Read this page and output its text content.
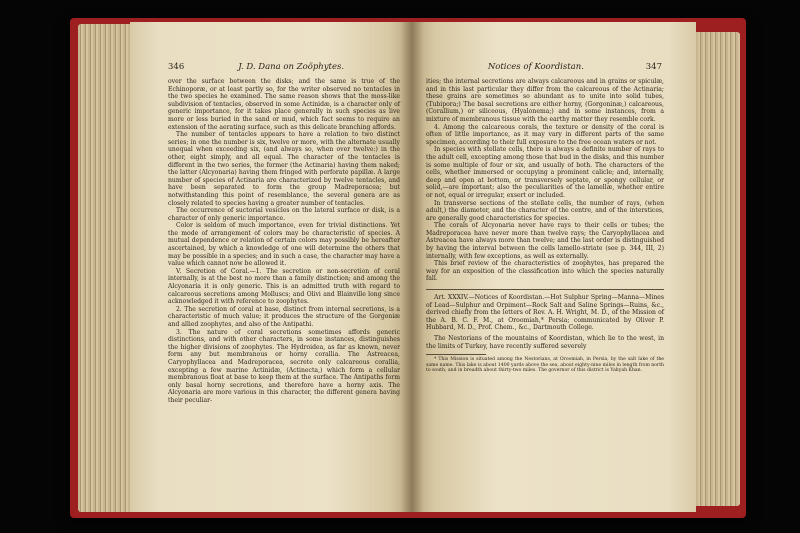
346	J. D. Dana on Zoöphytes.

over the surface between the disks; and the same is true of the Echinoporæ, or at least partly so, for the writer observed no tentacles in the two species he examined. The same reason shows that the moss-like subdivision of tentacles, observed in some Actinidæ, is a character only of generic importance, for it takes place generally in such species as live more or less buried in the sand or mud, which fact seems to require an extension of the aerating surface, such as this delicate branching affords.

The number of tentacles appears to have a relation to two distinct series; in one the number is six, twelve or more, with the alternate usually unequal when exceeding six, (and always so, when over twelve:) in the other, eight simply, and all equal. The character of the tentacles is different in the two series, the former (the Actinaria) having them naked; the latter (Alcyonaria) having them fringed with perforate papillæ. A large number of species of Actinaria are characterized by twelve tentacles, and have been separated to form the group Madreporacea; but notwithstanding this point of resemblance, the several genera are as closely related to species having a greater number of tentacles.

The occurrence of suctorial vesicles on the lateral surface or disk, is a character of only generic importance.

Color is seldom of much importance, even for trivial distinctions. Yet the mode of arrangement of colors may be characteristic of species. A mutual dependence or relation of certain colors may possibly be hereafter ascertained, by which a knowledge of one will determine the others that may be possible in a species; and in such a case, the character may have a value which cannot now be allowed it.

V. Secretion of Coral.—1. The secretion or non-secretion of coral internally, is at the best no more than a family distinction; and among the Alcyonaria it is only generic. This is an admitted truth with regard to calcareous secretions among Molluscs; and Olivi and Blainville long since acknowledged it with reference to zoophytes.

2. The secretion of coral at base, distinct from internal secretions, is a characteristic of much value; it produces the structure of the Gorgoniæ and allied zoophytes, and also of the Antipathi.

3. The nature of coral secretions sometimes affords generic distinctions, and with other characters, in some instances, distinguishes the higher divisions of zoophytes. The Hydroidea, as far as known, never form any but membranous or horny corallia. The Astreacea, Caryophyllacea and Madreporacea, secrete only calcareous corallia, excepting a few marine Actinidæ, (Actinecta,) which form a cellular membranous float at base to keep them at the surface. The Antipaths form only basal horny secretions, and therefore have a horny axis. The Alcyonaria are more various in this character, the different genera having their peculiar-

Notices of Koordistan.	347

ities; the internal secretions are always calcareous and in grains or spiculæ, and in this last particular they differ from the calcareous of the Actinaria; these grains are sometimes so abundant as to unite into solid tubes, (Tubipora;) The basal secretions are either horny, (Gorgoninæ,) calcareous, (Corallium,) or siliceous, (Hyalonema;) and in some instances, from a mixture of membranous tissue with the earthy matter they resemble cork.

4. Among the calcareous corals, the texture or density of the coral is often of little importance, as it may vary in different parts of the same specimen, according to their full exposure to the free ocean waters or not.

In species with stellate cells, there is always a definite number of rays to the adult cell, excepting among those that bud in the disks, and this number is some multiple of four or six, and usually of both. The characters of the cells, whether immersed or occupying a prominent calicle; and, internally, deep and open at bottom, or transversely septate, or spongy cellular, or solid,—are important; also the peculiarities of the lamellæ, whether entire or not, equal or irregular, exsert or included.

In transverse sections of the stellate cells, the number of rays, (when adult,) the diameter, and the character of the centre, and of the interstices, are generally good characteristics for species.

The corals of Alcyonaria never have rays to their cells or tubes; the Madreporacea have never more than twelve rays; the Caryophyllacea and Astreacea have always more than twelve; and the last order is distinguished by having the interval between the cells lamello-striate (see p. 344, III, 2) internally, with few exceptions, as well as externally.

This brief review of the characteristics of zoophytes, has prepared the way for an exposition of the classification into which the species naturally fall.

Art. XXXIV.—Notices of Koordistan.—Hot Sulphur Spring—Manna—Mines of Lead—Sulphur and Orpiment—Rock Salt and Saline Springs—Ruins, &c., derived chiefly from the letters of Rev. A. H. Wright, M. D., of the Mission of the A. B. C. F. M., at Oroomiah,* Persia; communicated by Oliver P. Hubbard, M. D., Prof. Chem., &c., Dartmouth College.

The Nestorians of the mountains of Koordistan, which lie to the west, in the limits of Turkey, have recently suffered severely

* This Mission is situated among the Nestorians, at Oroomiah, in Persia, by the salt lake of the same name. This lake is about 1400 yards above the sea, about eighty-nine miles in length from north to south, and in breadth about thirty-two miles. The governor of this district is Yahyah Khan.
